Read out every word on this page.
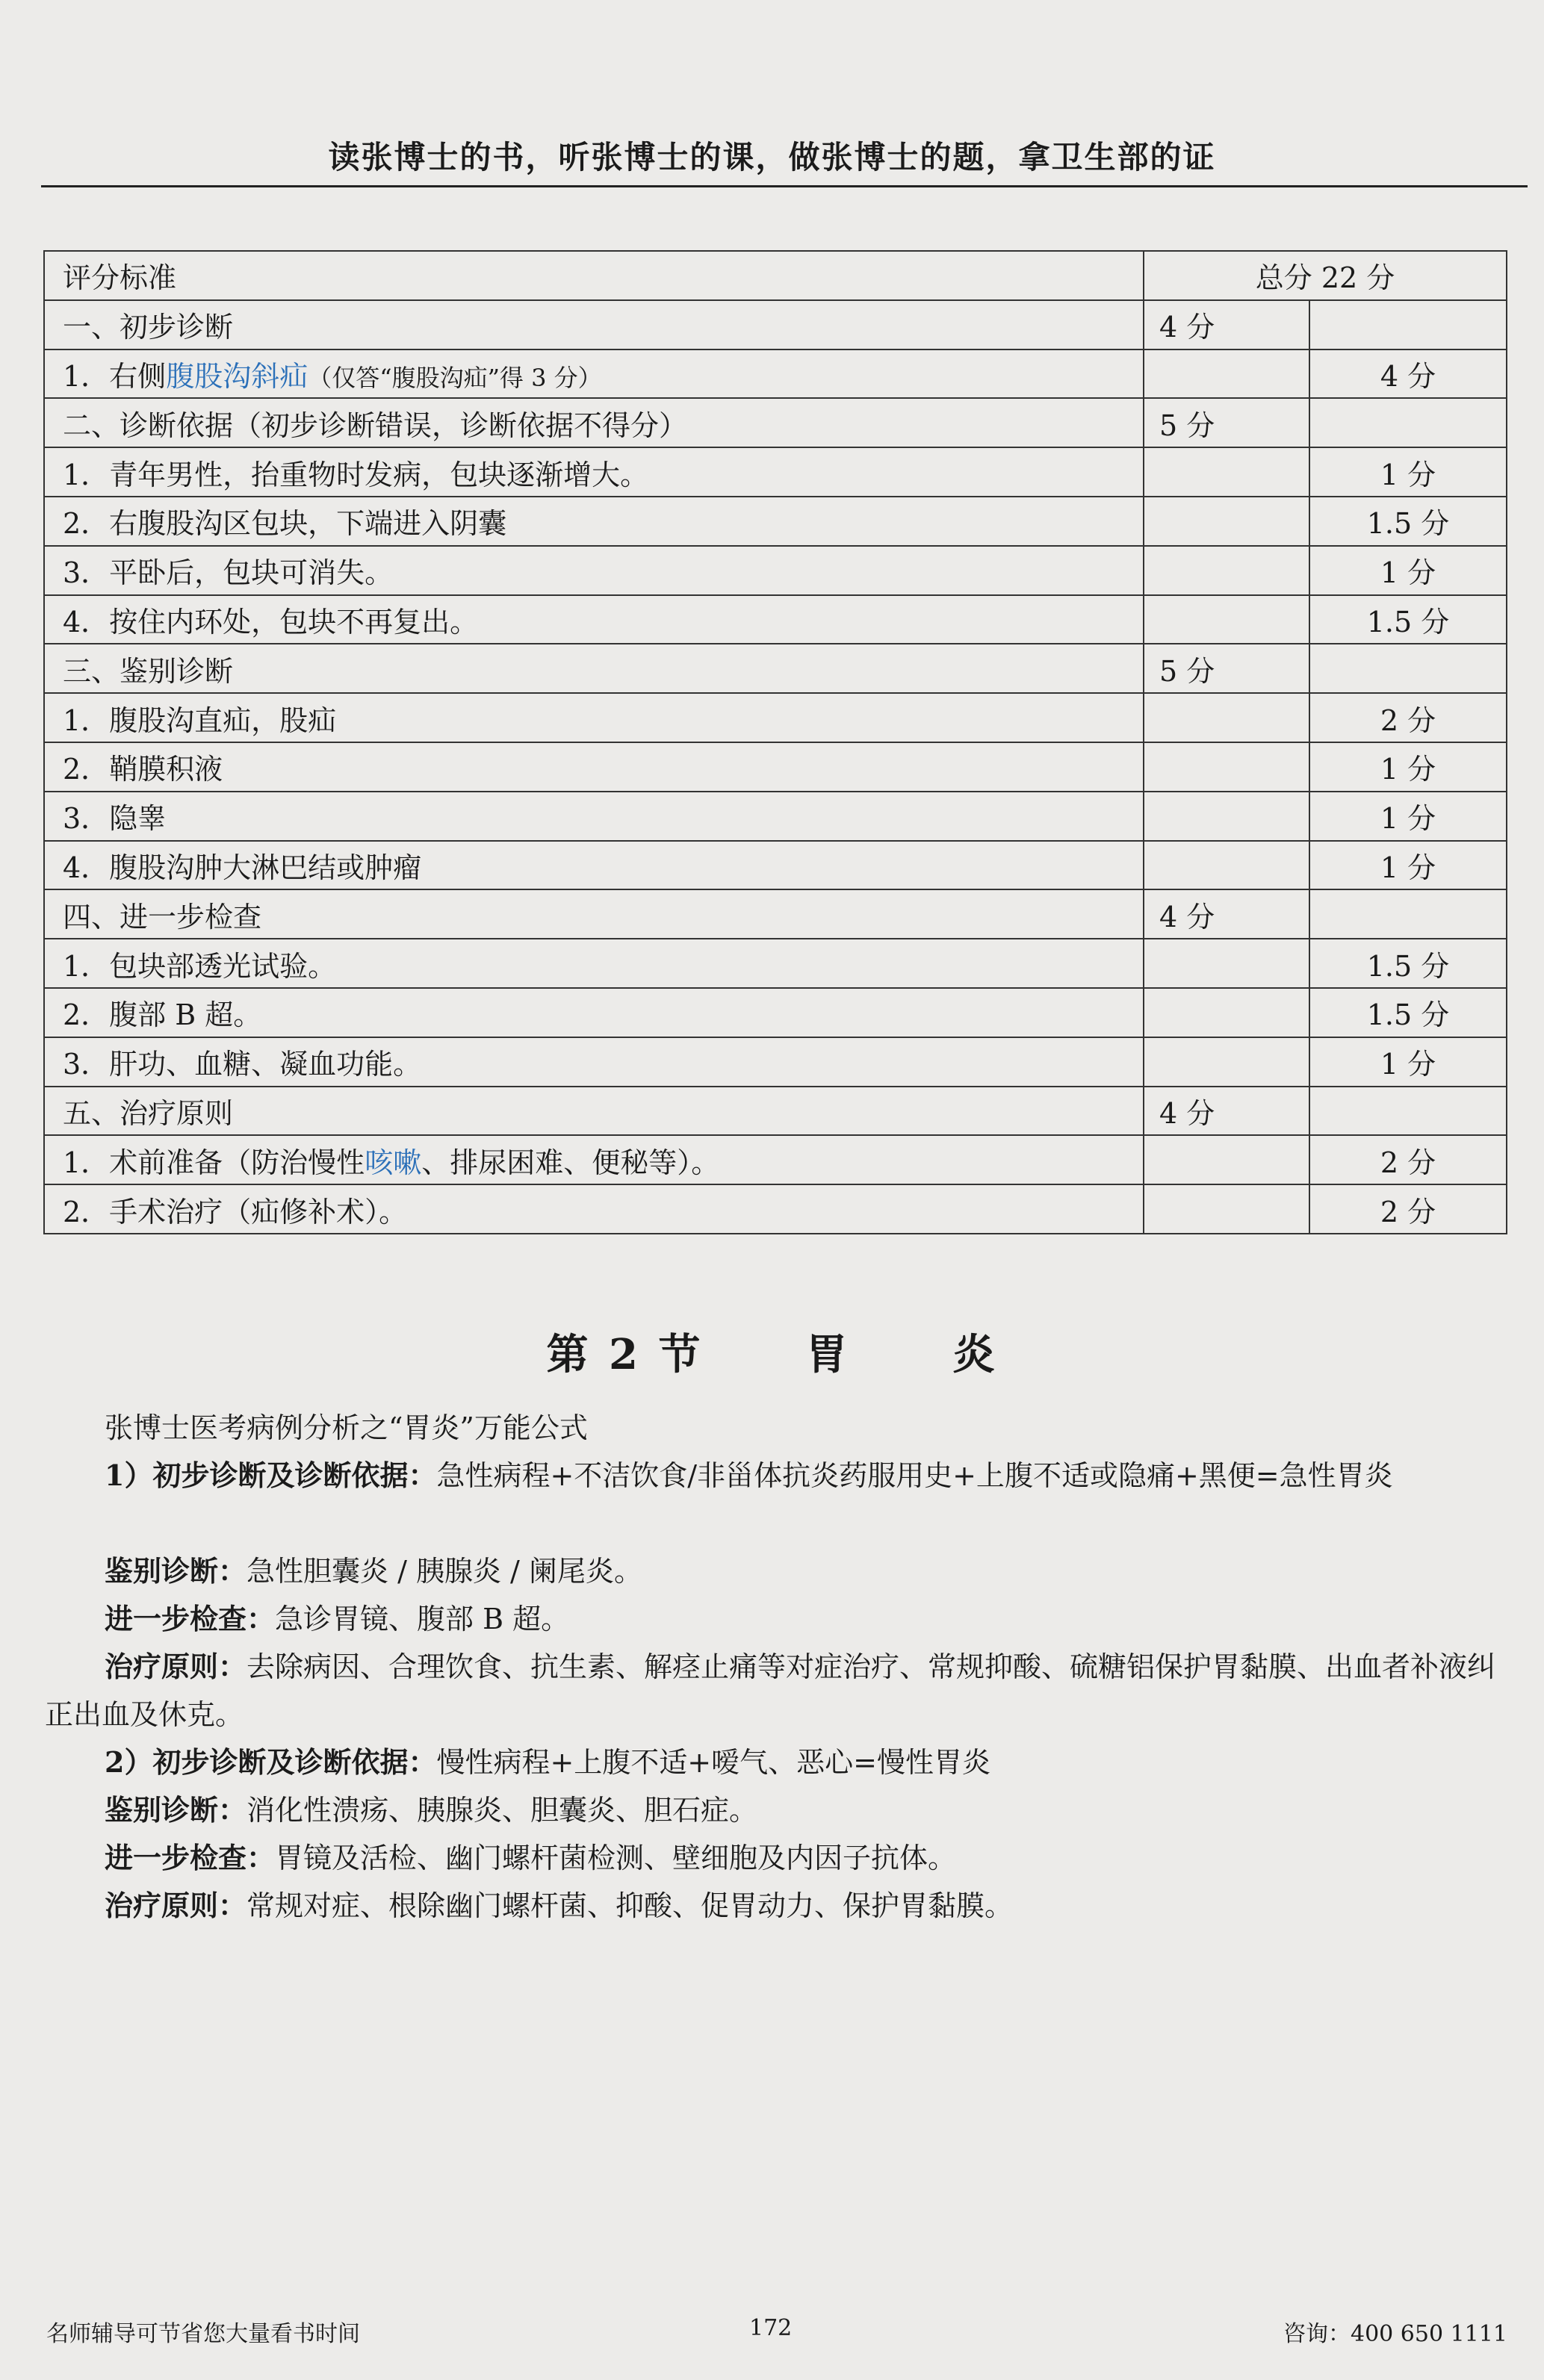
读张博士的书，听张博士的课，做张博士的题，拿卫生部的证
评分标准	总分 22 分	
一、初步诊断	4 分	
1．右侧腹股沟斜疝（仅答“腹股沟疝”得 3 分）		4 分
二、诊断依据（初步诊断错误，诊断依据不得分）	5 分	
1．青年男性，抬重物时发病，包块逐渐增大。		1 分
2．右腹股沟区包块，下端进入阴囊		1.5 分
3．平卧后，包块可消失。		1 分
4．按住内环处，包块不再复出。		1.5 分
三、鉴别诊断	5 分	
1．腹股沟直疝，股疝		2 分
2．鞘膜积液		1 分
3．隐睾		1 分
4．腹股沟肿大淋巴结或肿瘤		1 分
四、进一步检查	4 分	
1．包块部透光试验。		1.5 分
2．腹部 B 超。		1.5 分
3．肝功、血糖、凝血功能。		1 分
五、治疗原则	4 分	
1．术前准备（防治慢性咳嗽、排尿困难、便秘等）。		2 分
2．手术治疗（疝修补术）。		2 分
第 2 节 胃 炎

张博士医考病例分析之“胃炎”万能公式

1）初步诊断及诊断依据：急性病程+不洁饮食/非甾体抗炎药服用史+上腹不适或隐痛+黑便=急性胃炎

鉴别诊断：急性胆囊炎 / 胰腺炎 / 阑尾炎。

进一步检查：急诊胃镜、腹部 B 超。

治疗原则：去除病因、合理饮食、抗生素、解痉止痛等对症治疗、常规抑酸、硫糖铝保护胃黏膜、出血者补液纠正出血及休克。

2）初步诊断及诊断依据：慢性病程+上腹不适+嗳气、恶心=慢性胃炎

鉴别诊断：消化性溃疡、胰腺炎、胆囊炎、胆石症。

进一步检查：胃镜及活检、幽门螺杆菌检测、壁细胞及内因子抗体。

治疗原则：常规对症、根除幽门螺杆菌、抑酸、促胃动力、保护胃黏膜。

名师辅导可节省您大量看书时间	172	咨询：400 650 1111
